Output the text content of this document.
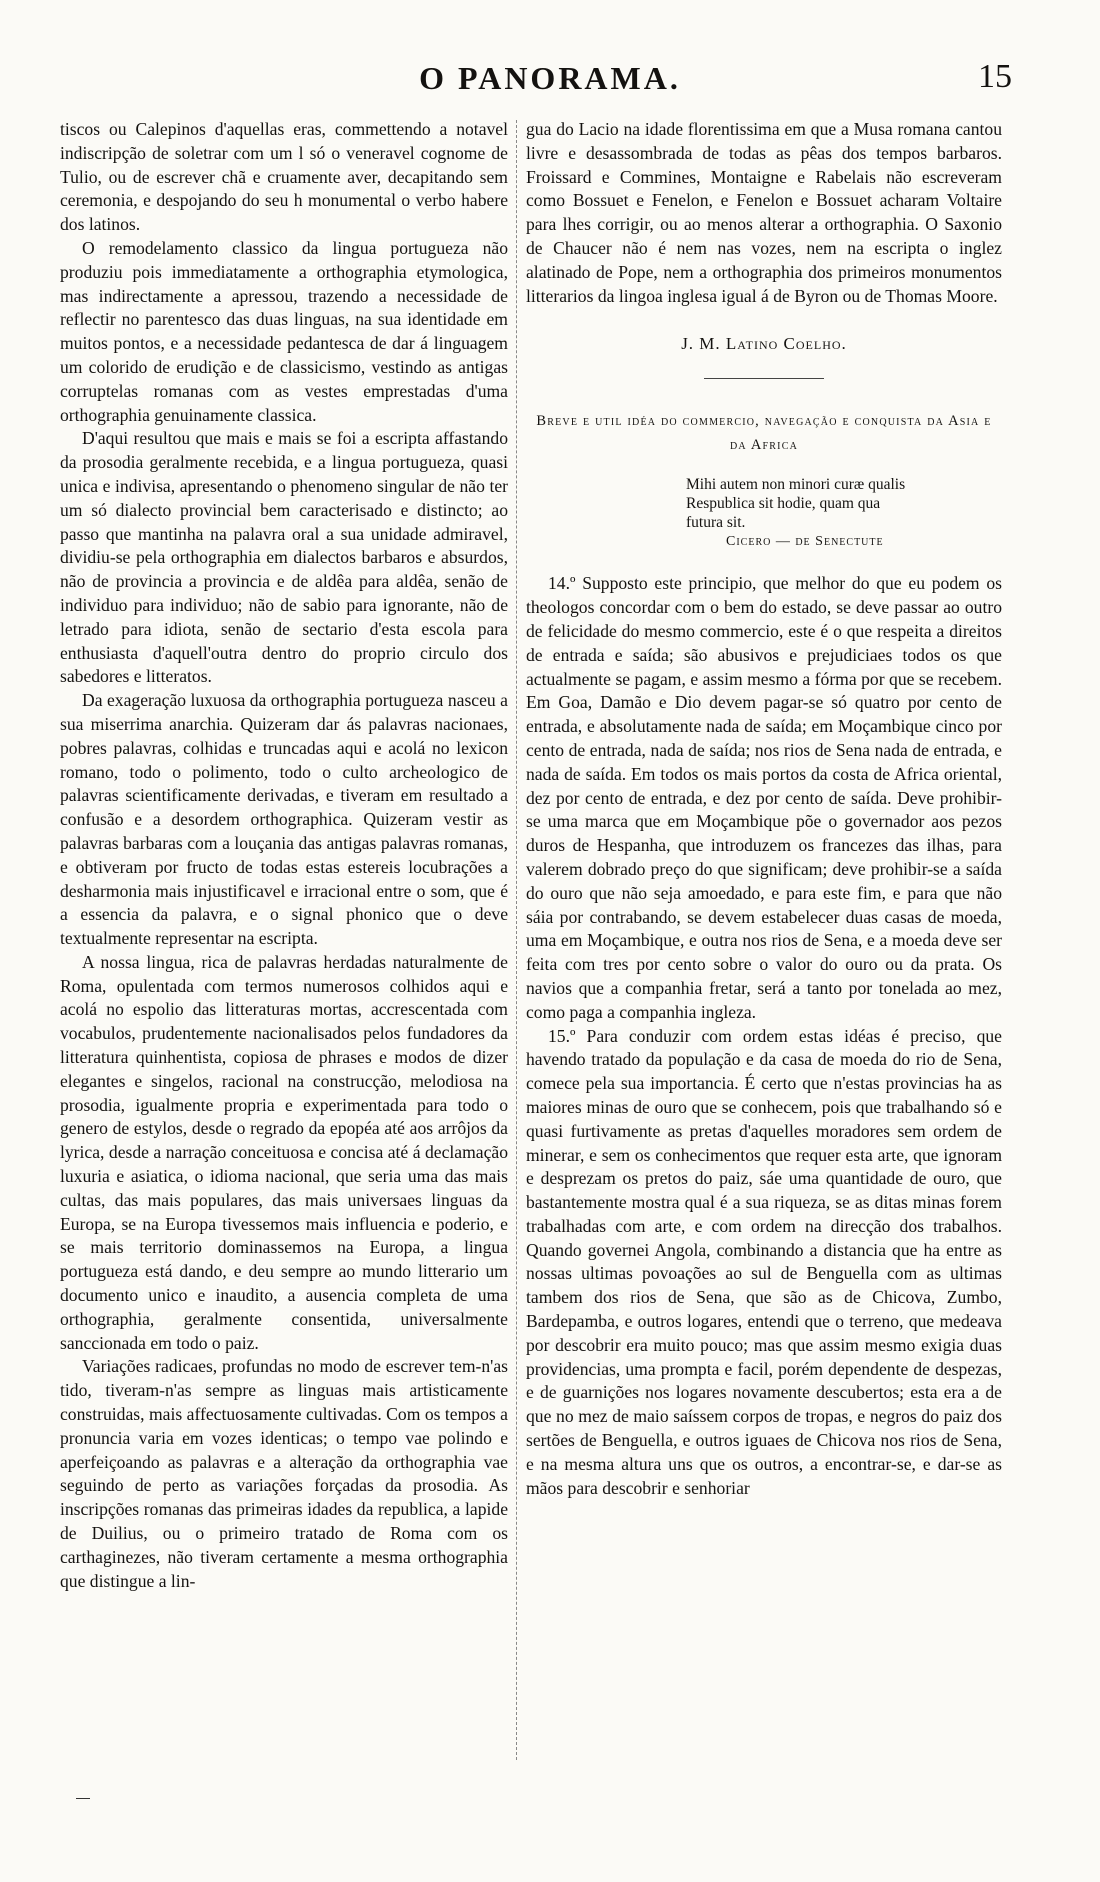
O PANORAMA.	15

tiscos ou Calepinos d'aquellas eras, commettendo a notavel indiscripção de soletrar com um l só o veneravel cognome de Tulio, ou de escrever chã e cruamente aver, decapitando sem ceremonia, e despojando do seu h monumental o verbo habere dos latinos.

O remodelamento classico da lingua portugueza não produziu pois immediatamente a orthographia etymologica, mas indirectamente a apressou, trazendo a necessidade de reflectir no parentesco das duas linguas, na sua identidade em muitos pontos, e a necessidade pedantesca de dar á linguagem um colorido de erudição e de classicismo, vestindo as antigas corruptelas romanas com as vestes emprestadas d'uma orthographia genuinamente classica.

D'aqui resultou que mais e mais se foi a escripta affastando da prosodia geralmente recebida, e a lingua portugueza, quasi unica e indivisa, apresentando o phenomeno singular de não ter um só dialecto provincial bem caracterisado e distincto; ao passo que mantinha na palavra oral a sua unidade admiravel, dividiu-se pela orthographia em dialectos barbaros e absurdos, não de provincia a provincia e de aldêa para aldêa, senão de individuo para individuo; não de sabio para ignorante, não de letrado para idiota, senão de sectario d'esta escola para enthusiasta d'aquell'outra dentro do proprio circulo dos sabedores e litteratos.

Da exageração luxuosa da orthographia portugueza nasceu a sua miserrima anarchia. Quizeram dar ás palavras nacionaes, pobres palavras, colhidas e truncadas aqui e acolá no lexicon romano, todo o polimento, todo o culto archeologico de palavras scientificamente derivadas, e tiveram em resultado a confusão e a desordem orthographica. Quizeram vestir as palavras barbaras com a louçania das antigas palavras romanas, e obtiveram por fructo de todas estas estereis locubrações a desharmonia mais injustificavel e irracional entre o som, que é a essencia da palavra, e o signal phonico que o deve textualmente representar na escripta.

A nossa lingua, rica de palavras herdadas naturalmente de Roma, opulentada com termos numerosos colhidos aqui e acolá no espolio das litteraturas mortas, accrescentada com vocabulos, prudentemente nacionalisados pelos fundadores da litteratura quinhentista, copiosa de phrases e modos de dizer elegantes e singelos, racional na construcção, melodiosa na prosodia, igualmente propria e experimentada para todo o genero de estylos, desde o regrado da epopéa até aos arrôjos da lyrica, desde a narração conceituosa e concisa até á declamação luxuria e asiatica, o idioma nacional, que seria uma das mais cultas, das mais populares, das mais universaes linguas da Europa, se na Europa tivessemos mais influencia e poderio, e se mais territorio dominassemos na Europa, a lingua portugueza está dando, e deu sempre ao mundo litterario um documento unico e inaudito, a ausencia completa de uma orthographia, geralmente consentida, universalmente sanccionada em todo o paiz.

Variações radicaes, profundas no modo de escrever tem-n'as tido, tiveram-n'as sempre as linguas mais artisticamente construidas, mais affectuosamente cultivadas. Com os tempos a pronuncia varia em vozes identicas; o tempo vae polindo e aperfeiçoando as palavras e a alteração da orthographia vae seguindo de perto as variações forçadas da prosodia. As inscripções romanas das primeiras idades da republica, a lapide de Duilius, ou o primeiro tratado de Roma com os carthaginezes, não tiveram certamente a mesma orthographia que distingue a lin-

gua do Lacio na idade florentissima em que a Musa romana cantou livre e desassombrada de todas as pêas dos tempos barbaros. Froissard e Commines, Montaigne e Rabelais não escreveram como Bossuet e Fenelon, e Fenelon e Bossuet acharam Voltaire para lhes corrigir, ou ao menos alterar a orthographia. O Saxonio de Chaucer não é nem nas vozes, nem na escripta o inglez alatinado de Pope, nem a orthographia dos primeiros monumentos litterarios da lingoa inglesa igual á de Byron ou de Thomas Moore.

J. M. Latino Coelho.
Breve e util idéa do commercio, navegação e conquista da Asia e da Africa
Mihi autem non minori curæ qualis
Respublica sit hodie, quam qua
futura sit.
Cicero — de Senectute

14.º Supposto este principio, que melhor do que eu podem os theologos concordar com o bem do estado, se deve passar ao outro de felicidade do mesmo commercio, este é o que respeita a direitos de entrada e saída; são abusivos e prejudiciaes todos os que actualmente se pagam, e assim mesmo a fórma por que se recebem. Em Goa, Damão e Dio devem pagar-se só quatro por cento de entrada, e absolutamente nada de saída; em Moçambique cinco por cento de entrada, nada de saída; nos rios de Sena nada de entrada, e nada de saída. Em todos os mais portos da costa de Africa oriental, dez por cento de entrada, e dez por cento de saída. Deve prohibir-se uma marca que em Moçambique põe o governador aos pezos duros de Hespanha, que introduzem os francezes das ilhas, para valerem dobrado preço do que significam; deve prohibir-se a saída do ouro que não seja amoedado, e para este fim, e para que não sáia por contrabando, se devem estabelecer duas casas de moeda, uma em Moçambique, e outra nos rios de Sena, e a moeda deve ser feita com tres por cento sobre o valor do ouro ou da prata. Os navios que a companhia fretar, será a tanto por tonelada ao mez, como paga a companhia ingleza.

15.º Para conduzir com ordem estas idéas é preciso, que havendo tratado da população e da casa de moeda do rio de Sena, comece pela sua importancia. É certo que n'estas provincias ha as maiores minas de ouro que se conhecem, pois que trabalhando só e quasi furtivamente as pretas d'aquelles moradores sem ordem de minerar, e sem os conhecimentos que requer esta arte, que ignoram e desprezam os pretos do paiz, sáe uma quantidade de ouro, que bastantemente mostra qual é a sua riqueza, se as ditas minas forem trabalhadas com arte, e com ordem na direcção dos trabalhos. Quando governei Angola, combinando a distancia que ha entre as nossas ultimas povoações ao sul de Benguella com as ultimas tambem dos rios de Sena, que são as de Chicova, Zumbo, Bardepamba, e outros logares, entendi que o terreno, que medeava por descobrir era muito pouco; mas que assim mesmo exigia duas providencias, uma prompta e facil, porém dependente de despezas, e de guarnições nos logares novamente descubertos; esta era a de que no mez de maio saíssem corpos de tropas, e negros do paiz dos sertões de Benguella, e outros iguaes de Chicova nos rios de Sena, e na mesma altura uns que os outros, a encontrar-se, e dar-se as mãos para descobrir e senhoriar
